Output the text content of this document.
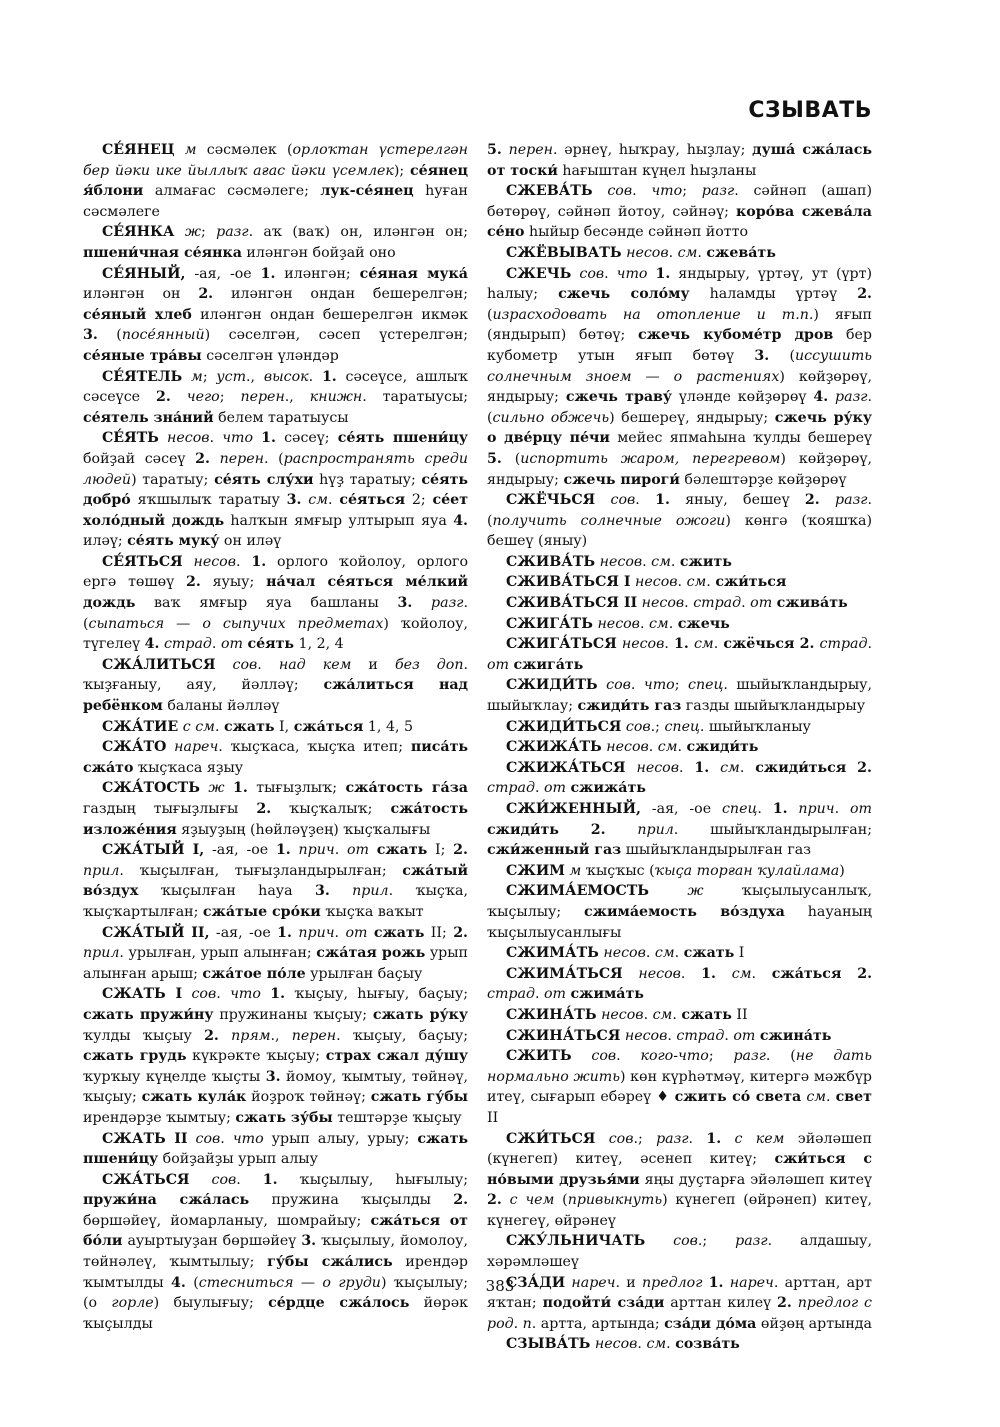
СЗЫВАТЬ

СЕ́ЯНЕЦ м сәсмәлек (орлоҡтан үстерелгән бер йәки ике йыллыҡ ағас йәки үсемлек); се́янец я́блони алмағас сәсмәлеге; лук-се́янец һуған сәсмәлеге

СЕ́ЯНКА ж; разг. аҡ (ваҡ) он, иләнгән он; пшени́чная се́янка иләнгән бойҙай оно

СЕ́ЯНЫЙ, -ая, -ое 1. иләнгән; се́яная мука́ иләнгән он 2. иләнгән ондан бешерелгән; се́яный хлеб иләнгән ондан бешерелгән икмәк 3. (посе́янный) сәселгән, сәсеп үстерелгән; се́яные тра́вы сәселгән үләндәр

СЕ́ЯТЕЛЬ м; уст., высок. 1. сәсеүсе, ашлыҡ сәсеүсе 2. чего; перен., книжн. таратыусы; се́ятель зна́ний белем таратыусы

СЕ́ЯТЬ несов. что 1. сәсеү; се́ять пшени́цу бойҙай сәсеү 2. перен. (распространять среди людей) таратыу; се́ять слу́хи һүҙ таратыу; се́ять добро́ яҡшылыҡ таратыу 3. см. се́яться 2; се́ет холо́дный дождь һалҡын ямғыр ултырып яуа 4. иләү; се́ять муку́ он иләү

СЕ́ЯТЬСЯ несов. 1. орлого ҡойолоу, орлого ергә төшөү 2. яуыу; на́чал се́яться ме́лкий дождь ваҡ ямғыр яуа башланы 3. разг. (сыпаться — о сыпучих предметах) ҡойолоу, түгелеү 4. страд. от се́ять 1, 2, 4

СЖА́ЛИТЬСЯ сов. над кем и без доп. ҡыҙғаныу, аяу, йәлләү; сжа́литься над ребёнком баланы йәлләү

СЖА́ТИЕ с см. сжать I, сжа́ться 1, 4, 5

СЖА́ТО нареч. ҡыҫҡаса, ҡыҫҡа итеп; писа́ть сжа́то ҡыҫҡаса яҙыу

СЖА́ТОСТЬ ж 1. тығыҙлыҡ; сжа́тость га́за газдың тығыҙлығы 2. ҡыҫҡалыҡ; сжа́тость изложе́ния яҙыуҙың (һөйләүҙең) ҡыҫҡалығы

СЖА́ТЫЙ I, -ая, -ое 1. прич. от сжать I; 2. прил. ҡыҫылған, тығыҙландырылған; сжа́тый во́здух ҡыҫылған һауа 3. прил. ҡыҫҡа, ҡыҫҡартылған; сжа́тые сро́ки ҡыҫҡа ваҡыт

СЖА́ТЫЙ II, -ая, -ое 1. прич. от сжать II; 2. прил. урылған, урып алынған; сжа́тая рожь урып алынған арыш; сжа́тое по́ле урылған баҫыу

СЖАТЬ I сов. что 1. ҡыҫыу, һығыу, баҫыу; сжать пружи́ну пружинаны ҡыҫыу; сжать ру́ку ҡулды ҡыҫыу 2. прям., перен. ҡыҫыу, баҫыу; сжать грудь күкрәкте ҡыҫыу; страх сжал ду́шу ҡурҡыу күңелде ҡыҫты 3. йомоу, ҡымтыу, төйнәү, ҡыҫыу; сжать кула́к йоҙроҡ төйнәү; сжать гу́бы ирендәрҙе ҡымтыу; сжать зу́бы тештәрҙе ҡыҫыу

СЖАТЬ II сов. что урып алыу, урыу; сжать пшени́цу бойҙайҙы урып алыу

СЖА́ТЬСЯ сов. 1. ҡыҫылыу, һығылыу; пружи́на сжа́лась пружина ҡыҫылды 2. бөршәйеү, йомарланыу, шомрайыу; сжа́ться от бо́ли ауыртыуҙан бөршәйеү 3. ҡыҫылыу, йомолоу, төйнәлеү, ҡымтылыу; гу́бы сжа́лись ирендәр ҡымтылды 4. (стесниться — о груди) ҡыҫылыу; (о горле) быулығыу; се́рдце сжа́лось йөрәк ҡыҫылды

5. перен. әрнеү, һыҡрау, һыҙлау; душа́ сжа́лась от тоски́ һағыштан күңел һыҙланы

СЖЕВА́ТЬ сов. что; разг. сәйнәп (ашап) бөтөрөү, сәйнәп йотоу, сәйнәү; коро́ва сжева́ла се́но һыйыр бесәнде сәйнәп йотто

СЖЁВЫВАТЬ несов. см. сжева́ть

СЖЕЧЬ сов. что 1. яндырыу, үртәү, ут (үрт) һалыу; сжечь соло́му һаламды үртәү 2. (израсходовать на отопление и т.п.) яғып (яндырып) бөтөү; сжечь кубоме́тр дров бер кубометр утын яғып бөтөү 3. (иссушить солнечным зноем — о растениях) көйҙөрөү, яндырыу; сжечь траву́ үләнде көйҙөрөү 4. разг. (сильно обжечь) бешереү, яндырыу; сжечь ру́ку о две́рцу пе́чи мейес япмаһына ҡулды бешереү 5. (испортить жаром, перегревом) көйҙөрөү, яндырыу; сжечь пироги́ бәлештәрҙе көйҙөрөү

СЖЁЧЬСЯ сов. 1. яныу, бешеү 2. разг. (получить солнечные ожоги) көнгә (ҡояшҡа) бешеү (яныу)

СЖИВА́ТЬ несов. см. сжить

СЖИВА́ТЬСЯ I несов. см. сжи́ться

СЖИВА́ТЬСЯ II несов. страд. от сжива́ть

СЖИГА́ТЬ несов. см. сжечь

СЖИГА́ТЬСЯ несов. 1. см. сжёчься 2. страд. от сжига́ть

СЖИДИ́ТЬ сов. что; спец. шыйыҡландырыу, шыйыҡлау; сжиди́ть газ газды шыйыҡландырыу

СЖИДИ́ТЬСЯ сов.; спец. шыйыҡланыу

СЖИЖА́ТЬ несов. см. сжиди́ть

СЖИЖА́ТЬСЯ несов. 1. см. сжиди́ться 2. страд. от сжижа́ть

СЖИ́ЖЕННЫЙ, -ая, -ое спец. 1. прич. от сжиди́ть 2. прил. шыйыҡландырылған; сжи́женный газ шыйыҡландырылған газ

СЖИМ м ҡыҫҡыс (ҡыҫа торған ҡулайлама)

СЖИМА́ЕМОСТЬ	ж ҡыҫылыусанлыҡ, ҡыҫылыу; сжима́емость во́здуха һауаның ҡыҫылыусанлығы

СЖИМА́ТЬ несов. см. сжать I

СЖИМА́ТЬСЯ несов. 1. см. сжа́ться 2. страд. от сжима́ть

СЖИНА́ТЬ несов. см. сжать II

СЖИНА́ТЬСЯ несов. страд. от сжина́ть

СЖИТЬ сов. кого-что; разг. (не дать нормально жить) көн күрһәтмәү, китергә мәжбүр итеү, сығарып ебәреү ♦ сжить со́ света см. свет II

СЖИ́ТЬСЯ сов.; разг. 1. с кем эйәләшеп (күнегеп) китеү, әсенеп китеү; сжи́ться с но́выми друзья́ми яңы дуҫтарға эйәләшеп китеү 2. с чем (привыкнуть) күнегеп (өйрәнеп) китеү, күнегеү, өйрәнеү

СЖУ́ЛЬНИЧАТЬ сов.; разг. алдашыу, хәрәмләшеү

СЗА́ДИ нареч. и предлог 1. нареч. арттан, арт яҡтан; подойти́ сза́ди арттан килеү 2. предлог с род. п. артта, артында; сза́ди до́ма өйҙөң артында

СЗЫВА́ТЬ несов. см. созва́ть

383
